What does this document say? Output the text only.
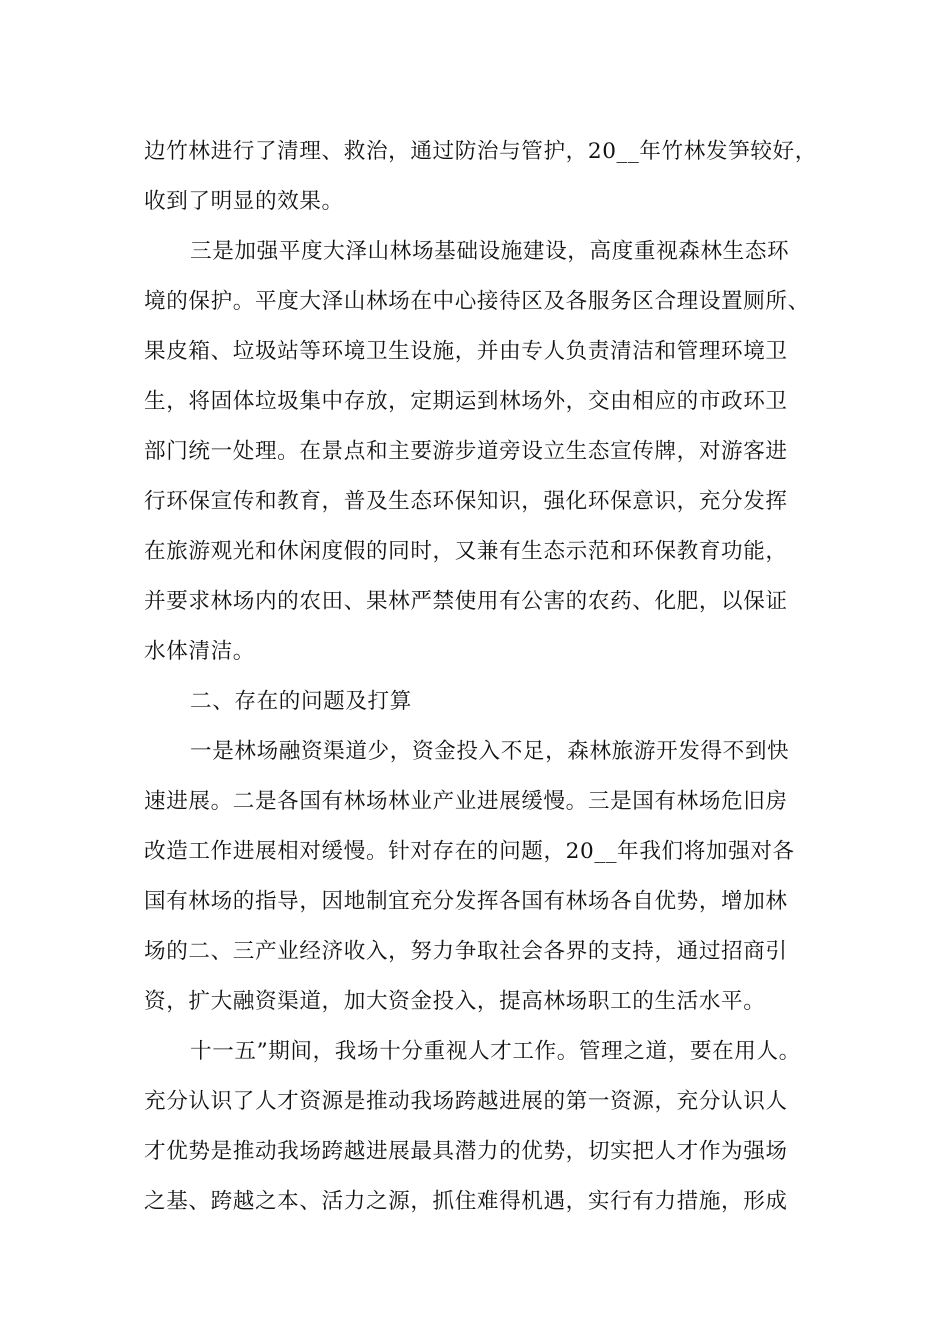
边竹林进行了清理、救治，通过防治与管护，20__年竹林发笋较好，
收到了明显的效果。
三是加强平度大泽山林场基础设施建设，高度重视森林生态环
境的保护。平度大泽山林场在中心接待区及各服务区合理设置厕所、
果皮箱、垃圾站等环境卫生设施，并由专人负责清洁和管理环境卫
生，将固体垃圾集中存放，定期运到林场外，交由相应的市政环卫
部门统一处理。在景点和主要游步道旁设立生态宣传牌，对游客进
行环保宣传和教育，普及生态环保知识，强化环保意识，充分发挥
在旅游观光和休闲度假的同时，又兼有生态示范和环保教育功能，
并要求林场内的农田、果林严禁使用有公害的农药、化肥，以保证
水体清洁。
二、存在的问题及打算
一是林场融资渠道少，资金投入不足，森林旅游开发得不到快
速进展。二是各国有林场林业产业进展缓慢。三是国有林场危旧房
改造工作进展相对缓慢。针对存在的问题，20__年我们将加强对各
国有林场的指导，因地制宜充分发挥各国有林场各自优势，增加林
场的二、三产业经济收入，努力争取社会各界的支持，通过招商引
资，扩大融资渠道，加大资金投入，提高林场职工的生活水平。
十一五”期间，我场十分重视人才工作。管理之道，要在用人。
充分认识了人才资源是推动我场跨越进展的第一资源，充分认识人
才优势是推动我场跨越进展最具潜力的优势，切实把人才作为强场
之基、跨越之本、活力之源，抓住难得机遇，实行有力措施，形成
